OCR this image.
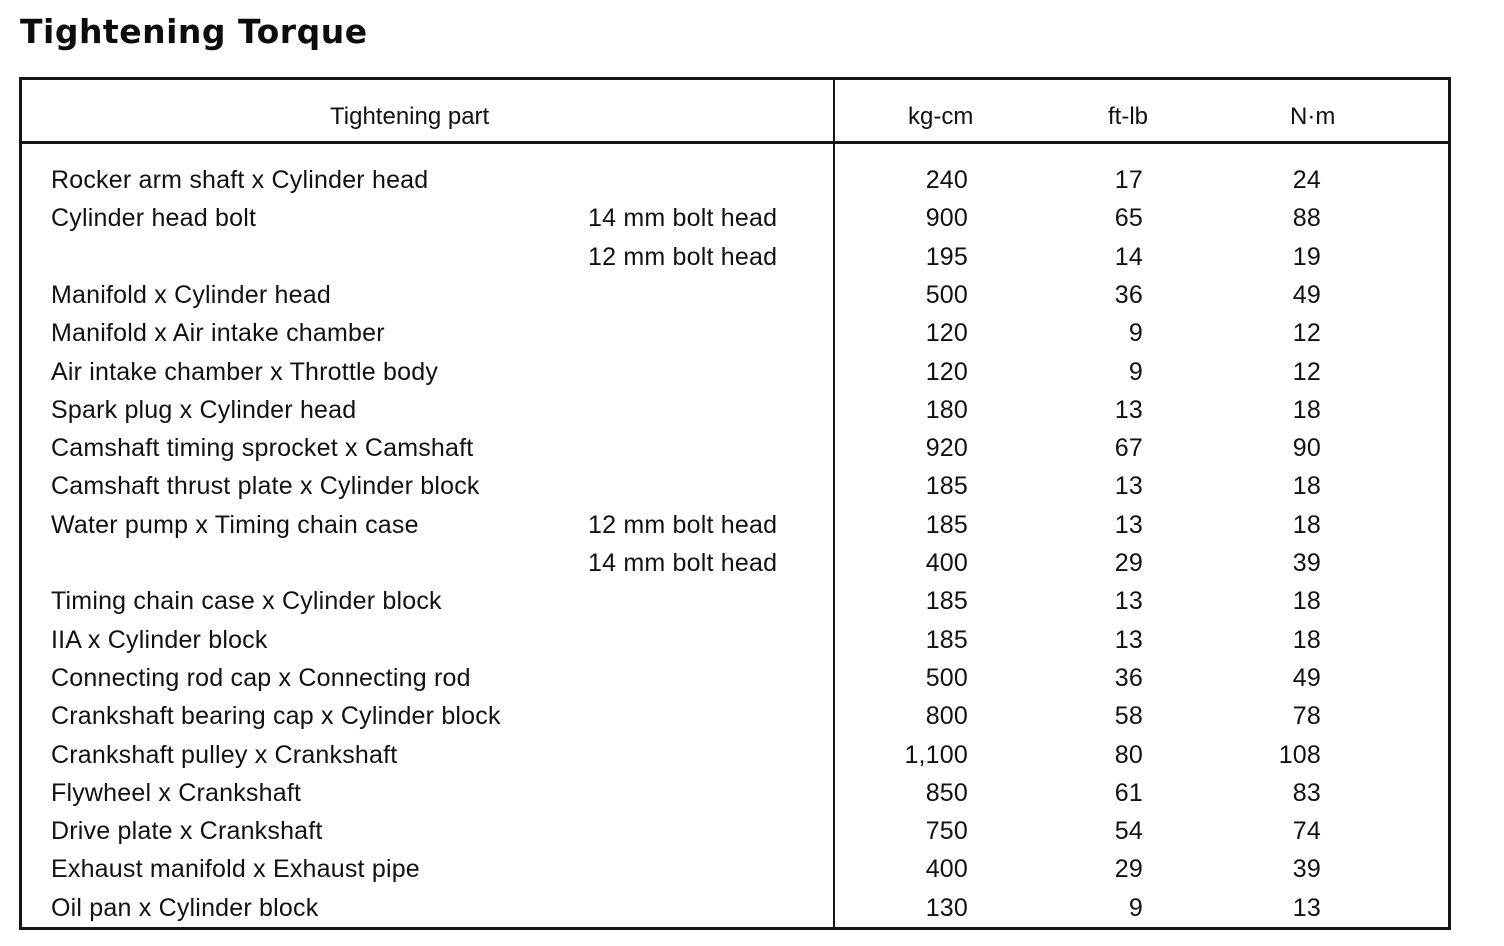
Tightening Torque
Tightening part	kg-cm	ft-lb	N·m
Rocker arm shaft x Cylinder head	240	17	24
Cylinder head bolt	14 mm bolt head	900	65	88
12 mm bolt head	195	14	19
Manifold x Cylinder head	500	36	49
Manifold x Air intake chamber	120	9	12
Air intake chamber x Throttle body	120	9	12
Spark plug x Cylinder head	180	13	18
Camshaft timing sprocket x Camshaft	920	67	90
Camshaft thrust plate x Cylinder block	185	13	18
Water pump x Timing chain case	12 mm bolt head	185	13	18
14 mm bolt head	400	29	39
Timing chain case x Cylinder block	185	13	18
IIA x Cylinder block	185	13	18
Connecting rod cap x Connecting rod	500	36	49
Crankshaft bearing cap x Cylinder block	800	58	78
Crankshaft pulley x Crankshaft	1,100	80	108
Flywheel x Crankshaft	850	61	83
Drive plate x Crankshaft	750	54	74
Exhaust manifold x Exhaust pipe	400	29	39
Oil pan x Cylinder block	130	9	13
